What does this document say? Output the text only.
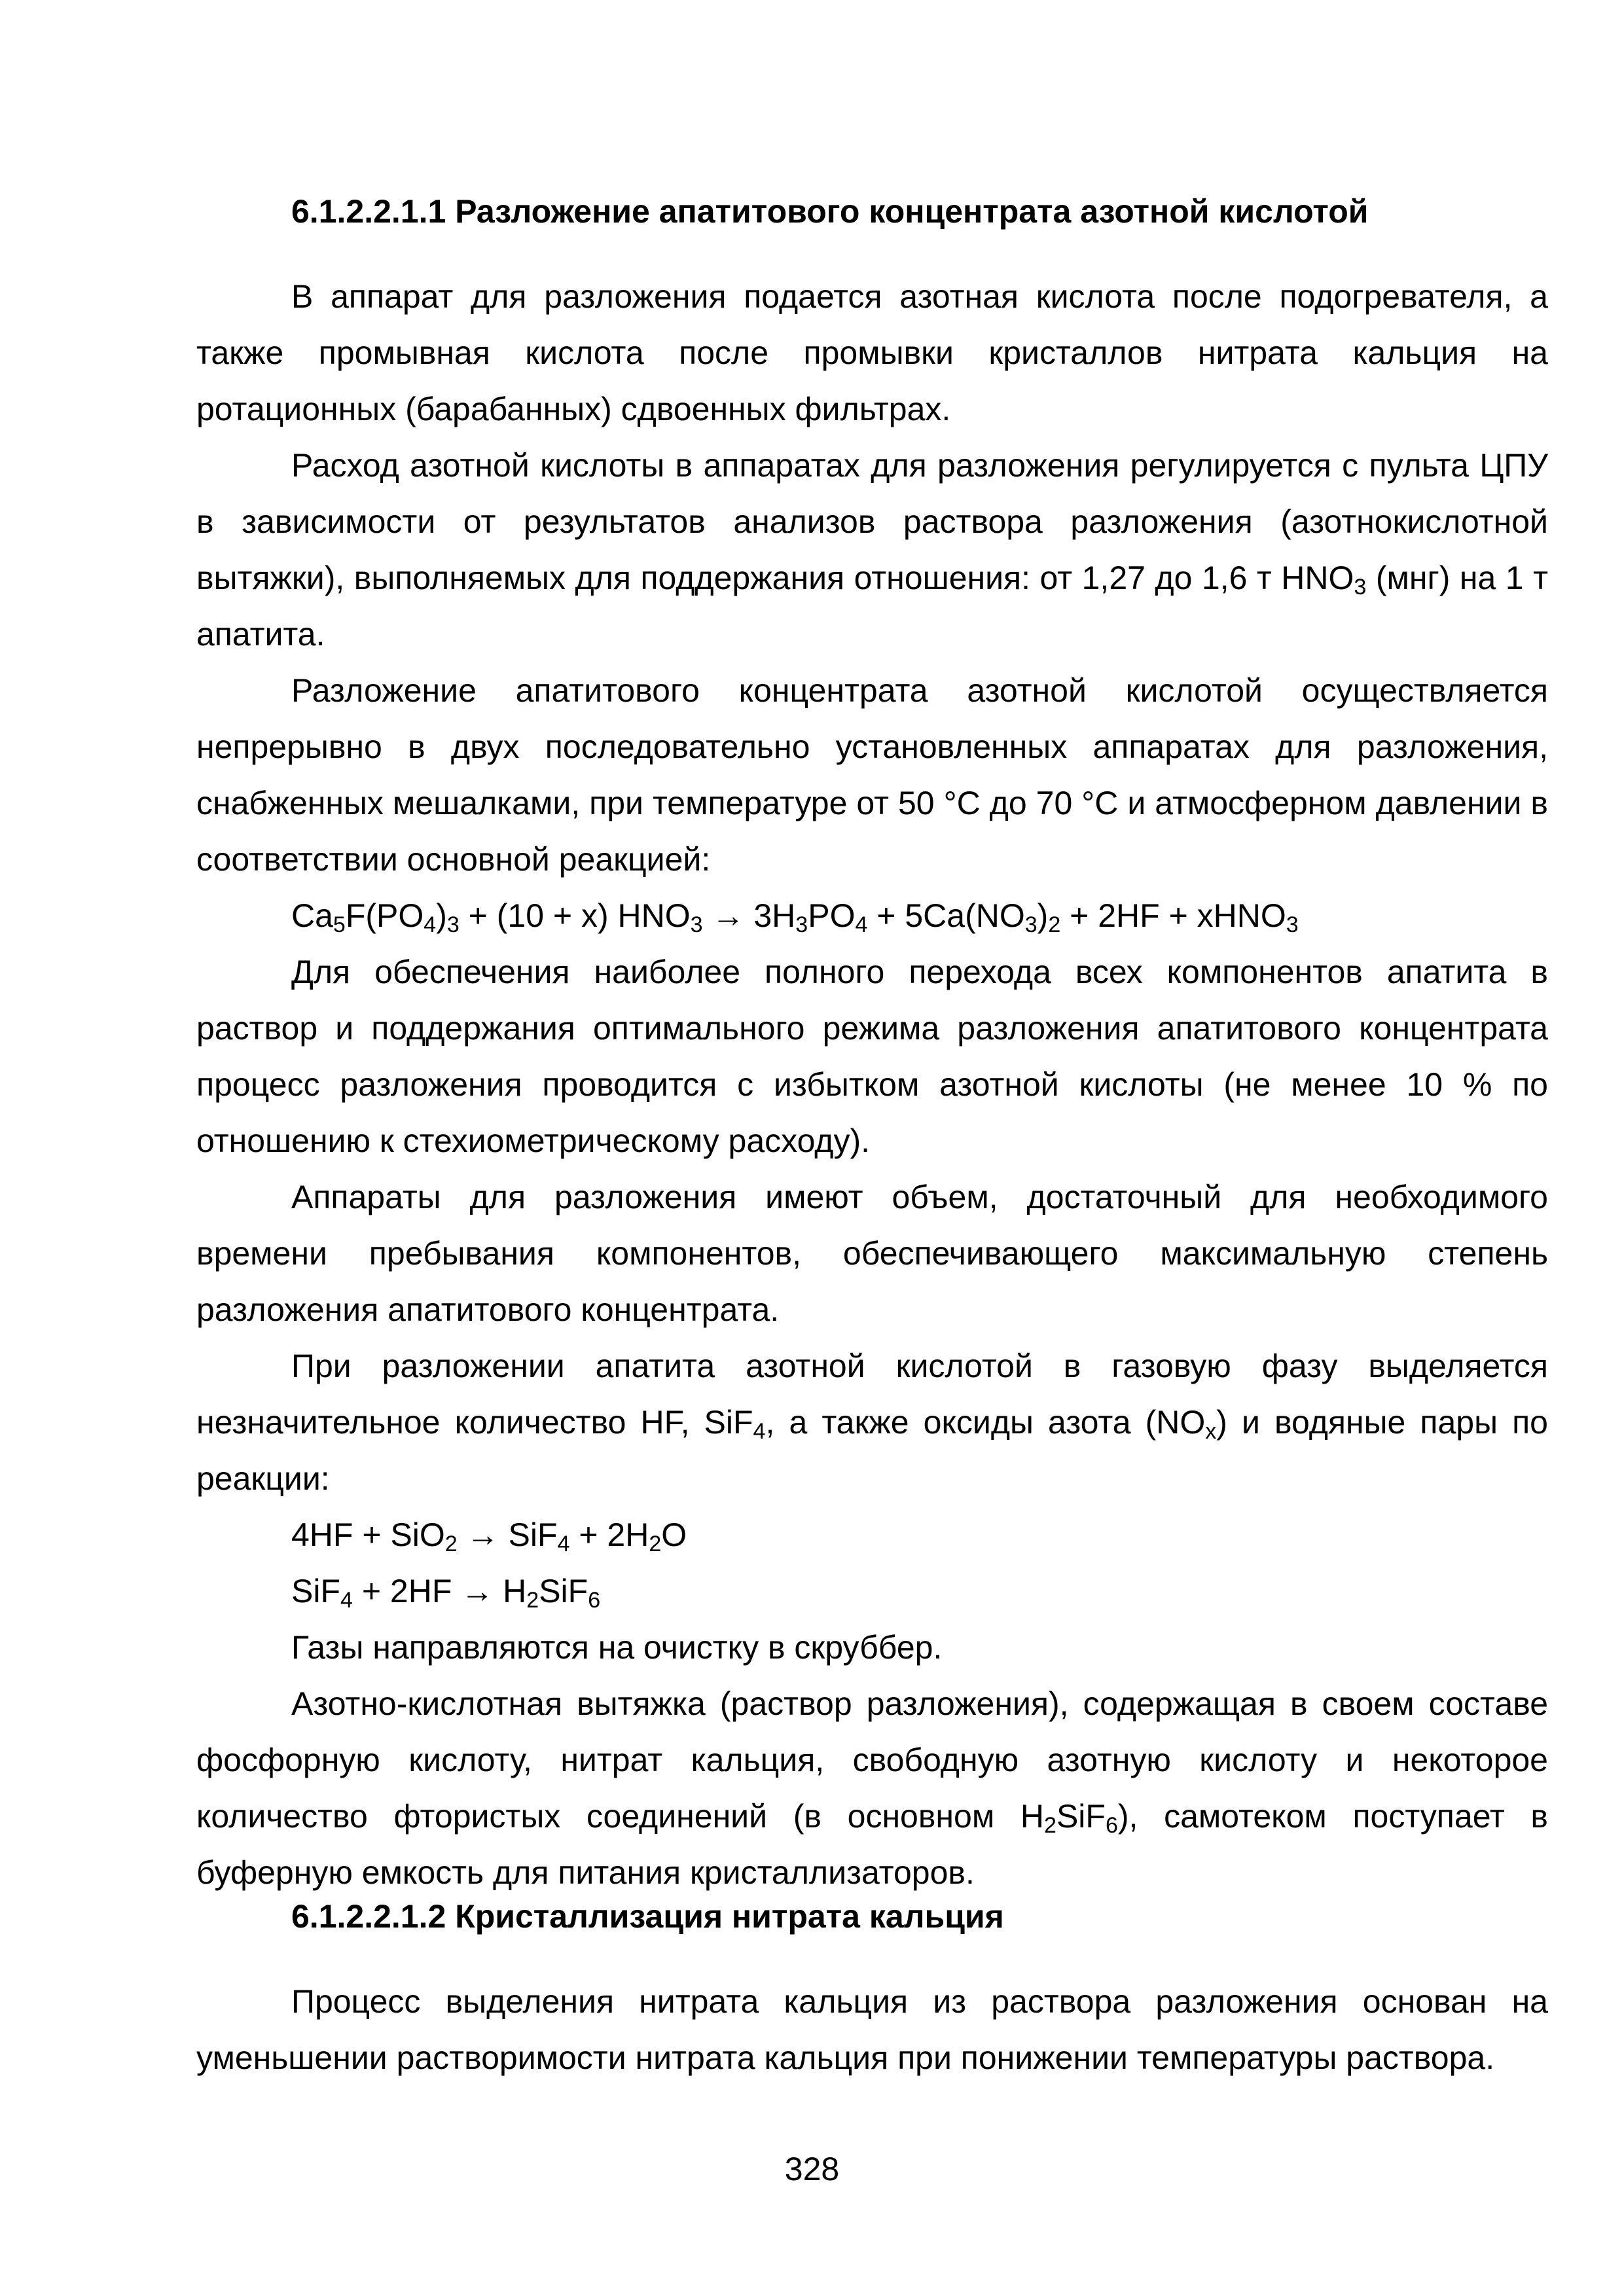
6.1.2.2.1.1 Разложение апатитового концентрата азотной кислотой

В аппарат для разложения подается азотная кислота после подогревателя, а также промывная кислота после промывки кристаллов нитрата кальция на ротационных (барабанных) сдвоенных фильтрах.

Расход азотной кислоты в аппаратах для разложения регулируется с пульта ЦПУ в зависимости от результатов анализов раствора разложения (азотнокислотной вытяжки), выполняемых для поддержания отношения: от 1,27 до 1,6 т $HNO_3$ (мнг) на 1 т апатита.

Разложение апатитового концентрата азотной кислотой осуществляется непрерывно в двух последовательно установленных аппаратах для разложения, снабженных мешалками, при температуре от 50 °С до 70 °С и атмосферном давлении в соответствии основной реакцией:

$Ca_5F(PO_4)_3 + (10 + x) HNO_3 \to 3H_3PO_4 + 5Ca(NO_3)_2 + 2HF$ + xHNO$_3$

Для обеспечения наиболее полного перехода всех компонентов апатита в раствор и поддержания оптимального режима разложения апатитового концентрата процесс разложения проводится с избытком азотной кислоты (не менее 10 % по отношению к стехиометрическому расходу).

Аппараты для разложения имеют объем, достаточный для необходимого времени пребывания компонентов, обеспечивающего максимальную степень разложения апатитового концентрата.

При разложении апатита азотной кислотой в газовую фазу выделяется незначительное количество HF, SiF$_4$, а также оксиды азота $(NO_x)$ и водяные пары по реакции:

$4HF + SiO_2 \to SiF_4 + 2H_2O$

$SiF_4 + 2HF \to H_2SiF_6$

Газы направляются на очистку в скруббер.

Азотно-кислотная вытяжка (раствор разложения), содержащая в своем составе фосфорную кислоту, нитрат кальция, свободную азотную кислоту и некоторое количество фтористых соединений (в основном $H_2SiF_6$), самотеком поступает в буферную емкость для питания кристаллизаторов.

6.1.2.2.1.2 Кристаллизация нитрата кальция

Процесс выделения нитрата кальция из раствора разложения основан на уменьшении растворимости нитрата кальция при понижении температуры раствора.

328
